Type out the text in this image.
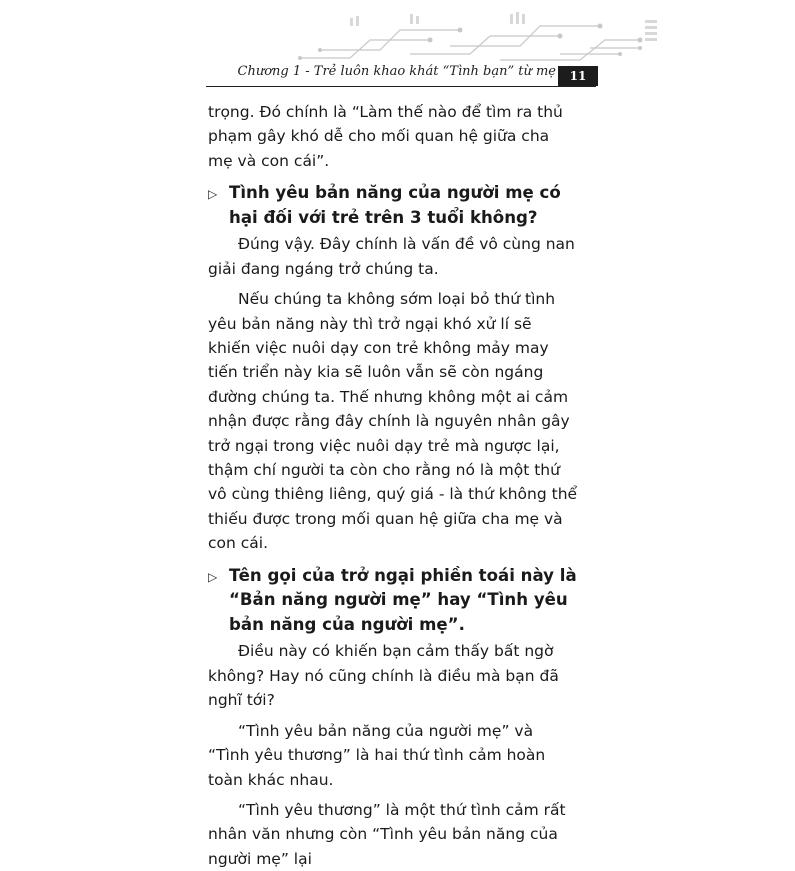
Chương 1 - Trẻ luôn khao khát “Tình bạn” từ mẹ	11

trọng. Đó chính là “Làm thế nào để tìm ra thủ phạm gây khó dễ cho mối quan hệ giữa cha mẹ và con cái”.

▷ Tình yêu bản năng của người mẹ có hại đối với trẻ trên 3 tuổi không?

Đúng vậy. Đây chính là vấn đề vô cùng nan giải đang ngáng trở chúng ta.

Nếu chúng ta không sớm loại bỏ thứ tình yêu bản năng này thì trở ngại khó xử lí sẽ khiến việc nuôi dạy con trẻ không mảy may tiến triển này kia sẽ luôn vẫn sẽ còn ngáng đường chúng ta. Thế nhưng không một ai cảm nhận được rằng đây chính là nguyên nhân gây trở ngại trong việc nuôi dạy trẻ mà ngược lại, thậm chí người ta còn cho rằng nó là một thứ vô cùng thiêng liêng, quý giá - là thứ không thể thiếu được trong mối quan hệ giữa cha mẹ và con cái.

▷ Tên gọi của trở ngại phiền toái này là “Bản năng người mẹ” hay “Tình yêu bản năng của người mẹ”.

Điều này có khiến bạn cảm thấy bất ngờ không? Hay nó cũng chính là điều mà bạn đã nghĩ tới?

“Tình yêu bản năng của người mẹ” và “Tình yêu thương” là hai thứ tình cảm hoàn toàn khác nhau.

“Tình yêu thương” là một thứ tình cảm rất nhân văn nhưng còn “Tình yêu bản năng của người mẹ” lại
